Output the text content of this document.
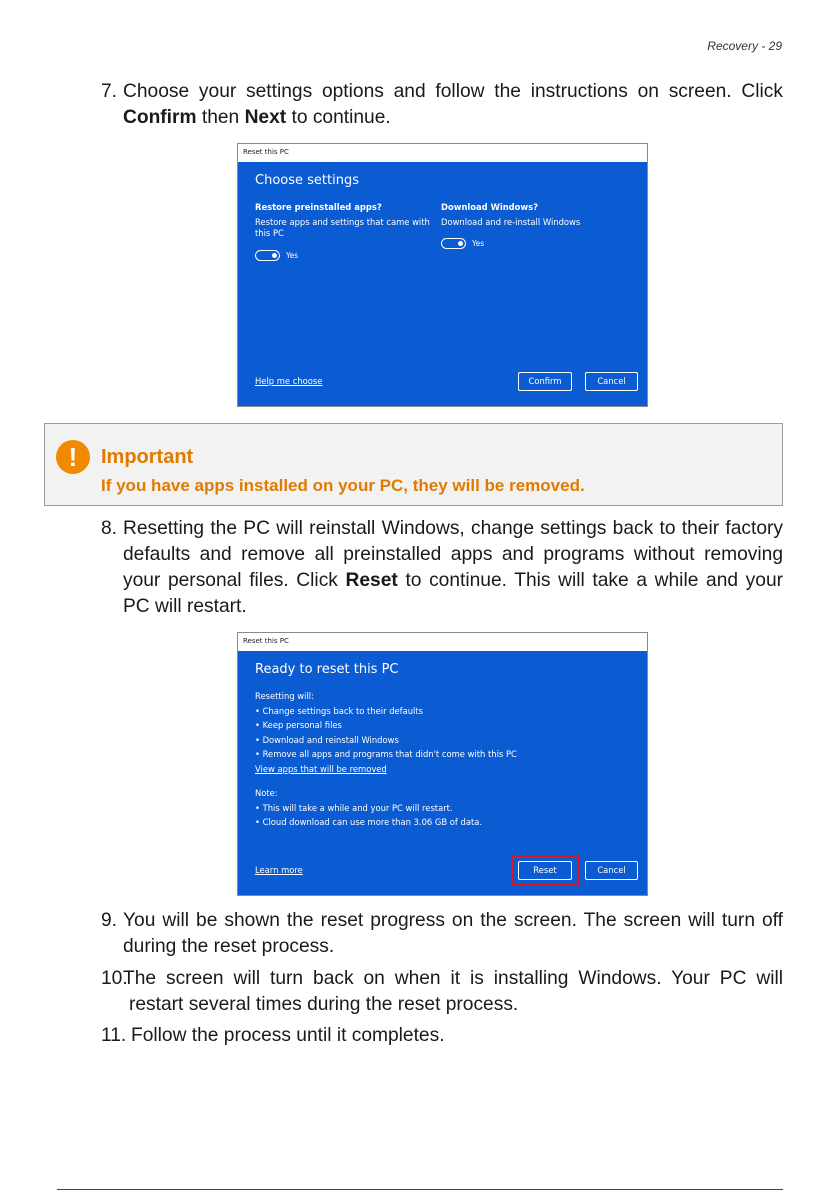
Recovery - 29
7. Choose your settings options and follow the instructions on screen. Click Confirm then Next to continue.
Reset this PC
Choose settings
Restore preinstalled apps?
Restore apps and settings that came with this PC
Yes
Download Windows?
Download and re-install Windows
Yes
Help me choose	Confirm	Cancel
!	Important
If you have apps installed on your PC, they will be removed.
8. Resetting the PC will reinstall Windows, change settings back to their factory defaults and remove all preinstalled apps and programs without removing your personal files. Click Reset to continue. This will take a while and your PC will restart.
Reset this PC
Ready to reset this PC
Resetting will:
• Change settings back to their defaults
• Keep personal files
• Download and reinstall Windows
• Remove all apps and programs that didn't come with this PC
View apps that will be removed
Note:
• This will take a while and your PC will restart.
• Cloud download can use more than 3.06 GB of data.
Learn more	Reset	Cancel
9. You will be shown the reset progress on the screen. The screen will turn off during the reset process.
10.
The screen will turn back on when it is installing Windows. Your PC will restart several times during the reset process.
11. Follow the process until it completes.
